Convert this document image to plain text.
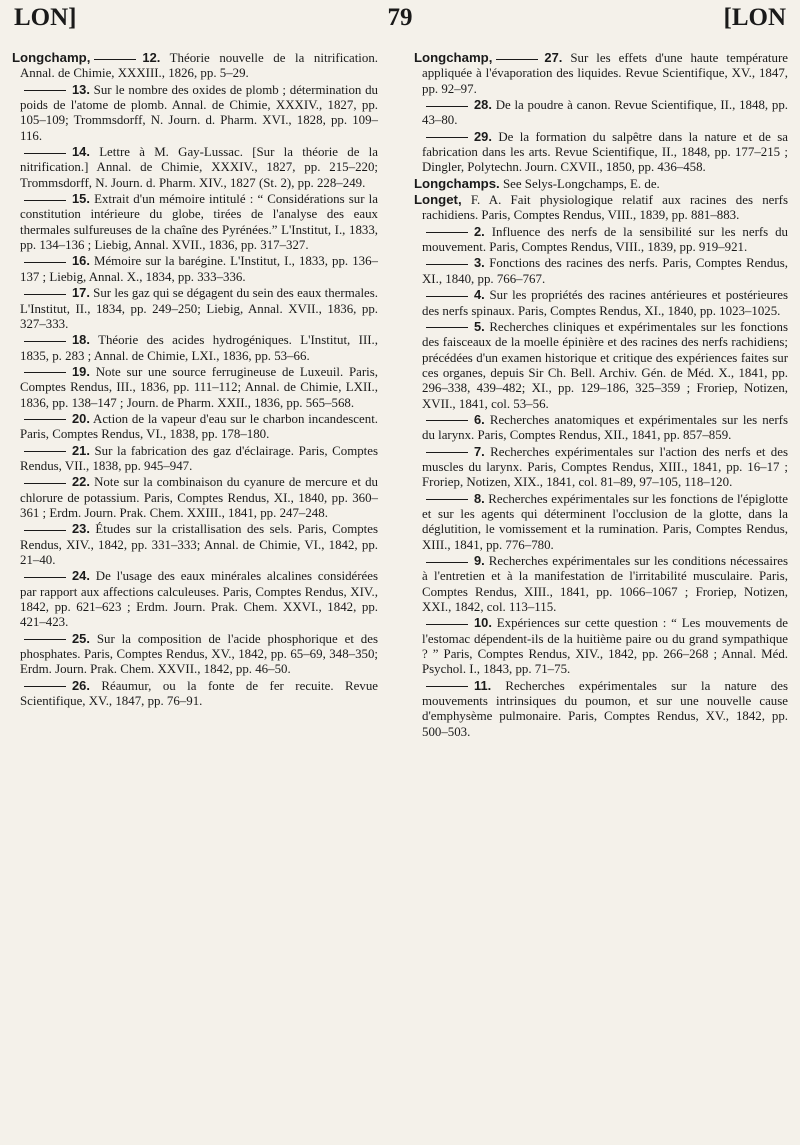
LON]	79	[LON

Longchamp,	12. Théorie nouvelle de la nitrification. Annal. de Chimie, XXXIII., 1826, pp. 5–29.

13. Sur le nombre des oxides de plomb ; détermination du poids de l'atome de plomb. Annal. de Chimie, XXXIV., 1827, pp. 105–109; Trommsdorff, N. Journ. d. Pharm. XVI., 1828, pp. 109–116.

14. Lettre à M. Gay-Lussac. [Sur la théorie de la nitrification.] Annal. de Chimie, XXXIV., 1827, pp. 215–220; Trommsdorff, N. Journ. d. Pharm. XIV., 1827 (St. 2), pp. 228–249.

15. Extrait d'un mémoire intitulé : “ Considérations sur la constitution intérieure du globe, tirées de l'analyse des eaux thermales sulfureuses de la chaîne des Pyrénées.” L'Institut, I., 1833, pp. 134–136 ; Liebig, Annal. XVII., 1836, pp. 317–327.

16. Mémoire sur la barégine. L'Institut, I., 1833, pp. 136–137 ; Liebig, Annal. X., 1834, pp. 333–336.

17. Sur les gaz qui se dégagent du sein des eaux thermales. L'Institut, II., 1834, pp. 249–250; Liebig, Annal. XVII., 1836, pp. 327–333.

18. Théorie des acides hydrogéniques. L'Institut, III., 1835, p. 283 ; Annal. de Chimie, LXI., 1836, pp. 53–66.

19. Note sur une source ferrugineuse de Luxeuil. Paris, Comptes Rendus, III., 1836, pp. 111–112; Annal. de Chimie, LXII., 1836, pp. 138–147 ; Journ. de Pharm. XXII., 1836, pp. 565–568.

20. Action de la vapeur d'eau sur le charbon incandescent. Paris, Comptes Rendus, VI., 1838, pp. 178–180.

21. Sur la fabrication des gaz d'éclairage. Paris, Comptes Rendus, VII., 1838, pp. 945–947.

22. Note sur la combinaison du cyanure de mercure et du chlorure de potassium. Paris, Comptes Rendus, XI., 1840, pp. 360–361 ; Erdm. Journ. Prak. Chem. XXIII., 1841, pp. 247–248.

23. Études sur la cristallisation des sels. Paris, Comptes Rendus, XIV., 1842, pp. 331–333; Annal. de Chimie, VI., 1842, pp. 21–40.

24. De l'usage des eaux minérales alcalines considérées par rapport aux affections calculeuses. Paris, Comptes Rendus, XIV., 1842, pp. 621–623 ; Erdm. Journ. Prak. Chem. XXVI., 1842, pp. 421–423.

25. Sur la composition de l'acide phosphorique et des phosphates. Paris, Comptes Rendus, XV., 1842, pp. 65–69, 348–350; Erdm. Journ. Prak. Chem. XXVII., 1842, pp. 46–50.

26. Réaumur, ou la fonte de fer recuite. Revue Scientifique, XV., 1847, pp. 76–91.

Longchamp,	27. Sur les effets d'une haute température appliquée à l'évaporation des liquides. Revue Scientifique, XV., 1847, pp. 92–97.

28. De la poudre à canon. Revue Scientifique, II., 1848, pp. 43–80.

29. De la formation du salpêtre dans la nature et de sa fabrication dans les arts. Revue Scientifique, II., 1848, pp. 177–215 ; Dingler, Polytechn. Journ. CXVII., 1850, pp. 436–458.

Longchamps. See Selys-Longchamps, E. de.

Longet, F. A. Fait physiologique relatif aux racines des nerfs rachidiens. Paris, Comptes Rendus, VIII., 1839, pp. 881–883.

2. Influence des nerfs de la sensibilité sur les nerfs du mouvement. Paris, Comptes Rendus, VIII., 1839, pp. 919–921.

3. Fonctions des racines des nerfs. Paris, Comptes Rendus, XI., 1840, pp. 766–767.

4. Sur les propriétés des racines antérieures et postérieures des nerfs spinaux. Paris, Comptes Rendus, XI., 1840, pp. 1023–1025.

5. Recherches cliniques et expérimentales sur les fonctions des faisceaux de la moelle épinière et des racines des nerfs rachidiens; précédées d'un examen historique et critique des expériences faites sur ces organes, depuis Sir Ch. Bell. Archiv. Gén. de Méd. X., 1841, pp. 296–338, 439–482; XI., pp. 129–186, 325–359 ; Froriep, Notizen, XVII., 1841, col. 53–56.

6. Recherches anatomiques et expérimentales sur les nerfs du larynx. Paris, Comptes Rendus, XII., 1841, pp. 857–859.

7. Recherches expérimentales sur l'action des nerfs et des muscles du larynx. Paris, Comptes Rendus, XIII., 1841, pp. 16–17 ; Froriep, Notizen, XIX., 1841, col. 81–89, 97–105, 118–120.

8. Recherches expérimentales sur les fonctions de l'épiglotte et sur les agents qui déterminent l'occlusion de la glotte, dans la déglutition, le vomissement et la rumination. Paris, Comptes Rendus, XIII., 1841, pp. 776–780.

9. Recherches expérimentales sur les conditions nécessaires à l'entretien et à la manifestation de l'irritabilité musculaire. Paris, Comptes Rendus, XIII., 1841, pp. 1066–1067 ; Froriep, Notizen, XXI., 1842, col. 113–115.

10. Expériences sur cette question : “ Les mouvements de l'estomac dépendent-ils de la huitième paire ou du grand sympathique ? ” Paris, Comptes Rendus, XIV., 1842, pp. 266–268 ; Annal. Méd. Psychol. I., 1843, pp. 71–75.

11. Recherches expérimentales sur la nature des mouvements intrinsiques du poumon, et sur une nouvelle cause d'emphysème pulmonaire. Paris, Comptes Rendus, XV., 1842, pp. 500–503.
